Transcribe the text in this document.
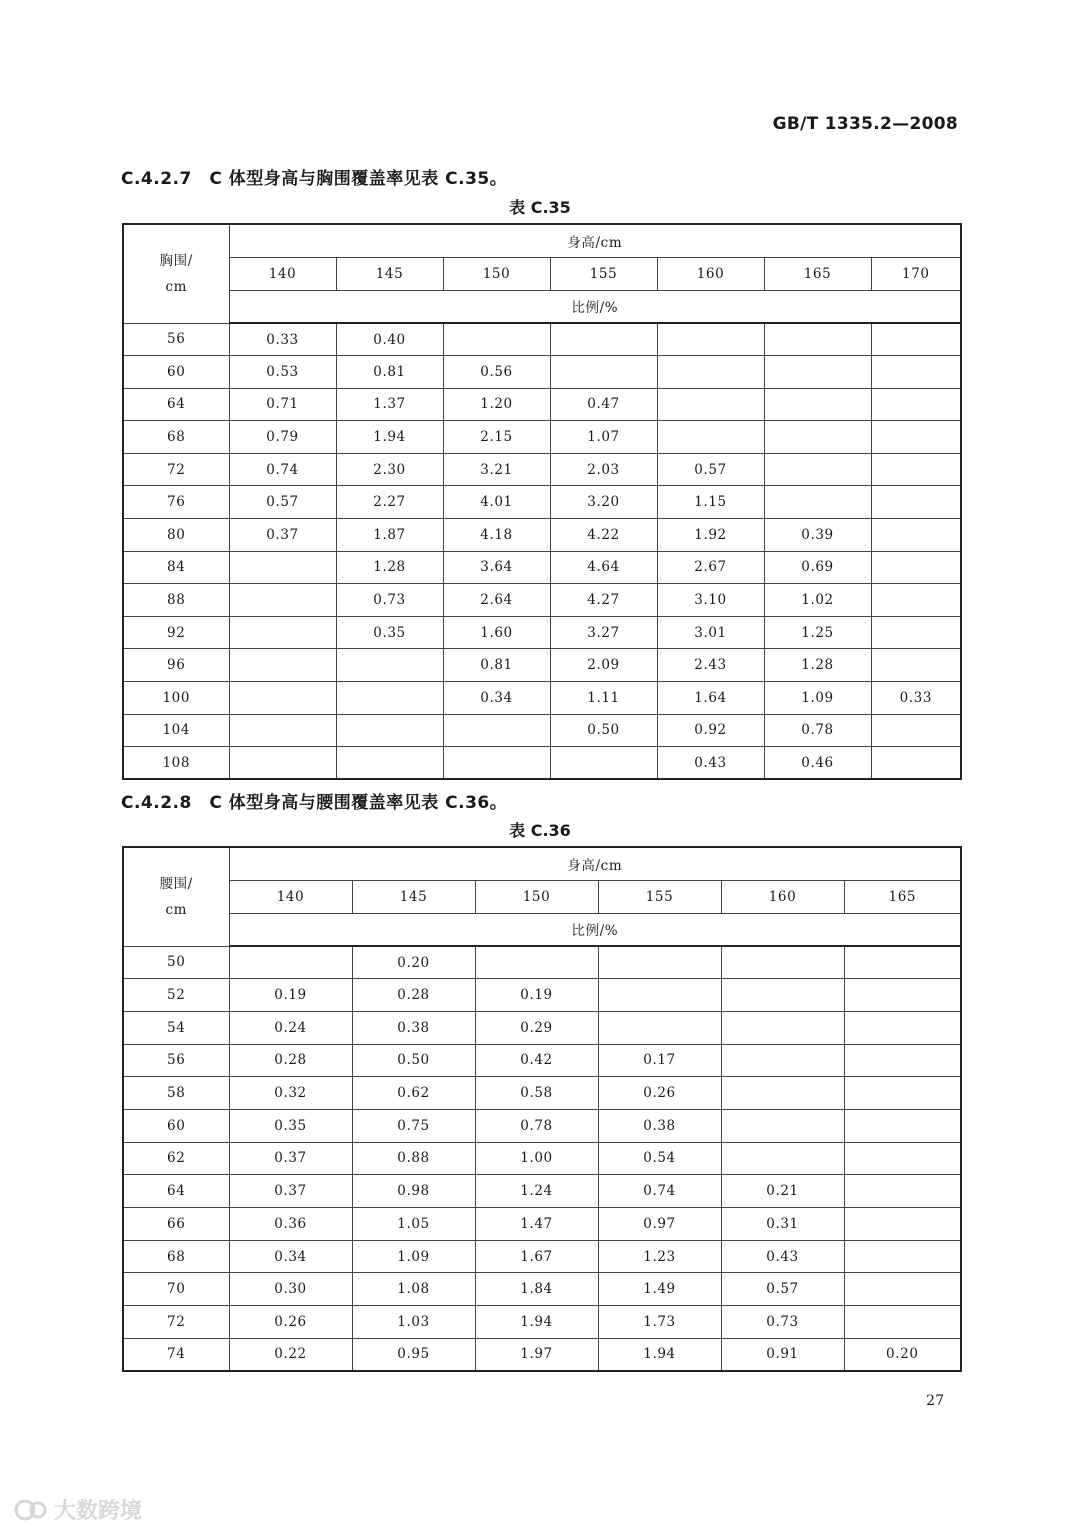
GB/T 1335.2—2008
C.4.2.7　C 体型身高与胸围覆盖率见表 C.35。
表 C.35
胸围/
cm	身高/cm						
	140	145	150	155	160	165	170
	比例/%						
56	0.33	0.40					
60	0.53	0.81	0.56				
64	0.71	1.37	1.20	0.47			
68	0.79	1.94	2.15	1.07			
72	0.74	2.30	3.21	2.03	0.57		
76	0.57	2.27	4.01	3.20	1.15		
80	0.37	1.87	4.18	4.22	1.92	0.39	
84		1.28	3.64	4.64	2.67	0.69	
88		0.73	2.64	4.27	3.10	1.02	
92		0.35	1.60	3.27	3.01	1.25	
96			0.81	2.09	2.43	1.28	
100			0.34	1.11	1.64	1.09	0.33
104				0.50	0.92	0.78	
108					0.43	0.46	
C.4.2.8　C 体型身高与腰围覆盖率见表 C.36。
表 C.36
腰围/
cm	身高/cm					
	140	145	150	155	160	165
	比例/%					
50		0.20				
52	0.19	0.28	0.19			
54	0.24	0.38	0.29			
56	0.28	0.50	0.42	0.17		
58	0.32	0.62	0.58	0.26		
60	0.35	0.75	0.78	0.38		
62	0.37	0.88	1.00	0.54		
64	0.37	0.98	1.24	0.74	0.21	
66	0.36	1.05	1.47	0.97	0.31	
68	0.34	1.09	1.67	1.23	0.43	
70	0.30	1.08	1.84	1.49	0.57	
72	0.26	1.03	1.94	1.73	0.73	
74	0.22	0.95	1.97	1.94	0.91	0.20
27
大数跨境
